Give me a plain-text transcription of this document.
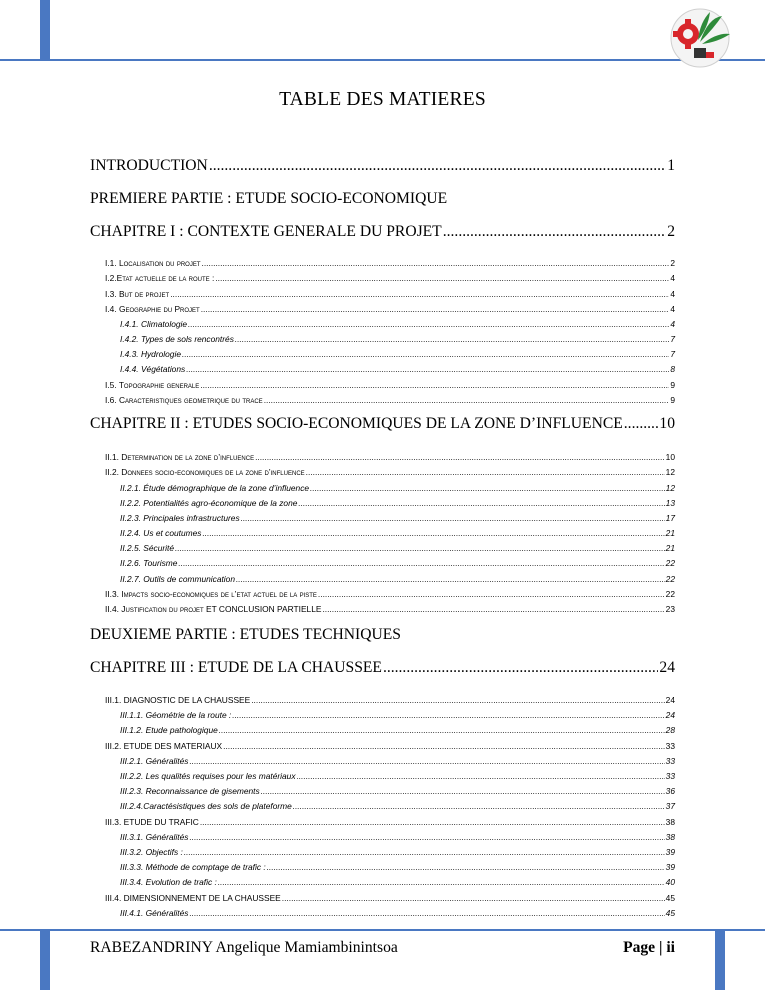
TABLE DES MATIERES
INTRODUCTION .....	1
PREMIERE PARTIE : ETUDE SOCIO-ECONOMIQUE
CHAPITRE I : CONTEXTE GENERALE DU PROJET .....	2
I.1. Localisation du projet .....	2
I.2.Etat actuelle de la route : .....	4
I.3. But de projet .....	4
I.4. Geographie du Projet .....	4
I.4.1. Climatologie .....	4
I.4.2. Types de sols rencontrés .....	7
I.4.3. Hydrologie .....	7
I.4.4. Végétations .....	8
I.5. Topographie generale .....	9
I.6. Caracteristiques geometrique du trace .....	9
CHAPITRE II : ETUDES SOCIO-ECONOMIQUES DE LA ZONE D’INFLUENCE ..... 10
II.1. Determination de la zone d’influence .....	10
II.2. Donnees socio-economiques de la zone d’influence .....	12
II.2.1. Étude démographique de la zone d’influence .....	12
II.2.2. Potentialités agro-économique de la zone .....	13
II.2.3. Principales infrastructures .....	17
II.2.4. Us et coutumes .....	21
II.2.5. Sécurité .....	21
II.2.6. Tourisme .....	22
II.2.7. Outils de communication .....	22
II.3. Impacts socio-economiques de l’etat actuel de la piste .....	22
II.4. Justification du projet ET CONCLUSION PARTIELLE .....	23
DEUXIEME PARTIE : ETUDES TECHNIQUES
CHAPITRE III : ETUDE DE LA CHAUSSEE .....	24
III.1. DIAGNOSTIC DE LA CHAUSSEE .....	24
III.1.1. Géométrie de la route : .....	24
III.1.2. Etude pathologique .....	28
III.2. ETUDE DES MATERIAUX .....	33
III.2.1. Généralités .....	33
III.2.2. Les qualités requises pour les matériaux .....	33
III.2.3. Reconnaissance de gisements .....	36
III.2.4.Caractésistiques des sols de plateforme .....	37
III.3. ETUDE DU TRAFIC .....	38
III.3.1. Généralités .....	38
III.3.2. Objectifs : .....	39
III.3.3. Méthode de comptage de trafic : .....	39
III.3.4. Evolution de trafic : .....	40
III.4. DIMENSIONNEMENT DE LA CHAUSSEE .....	45
III.4.1. Généralités .....	45
RABEZANDRINY Angelique Mamiambinintsoa	Page | ii
